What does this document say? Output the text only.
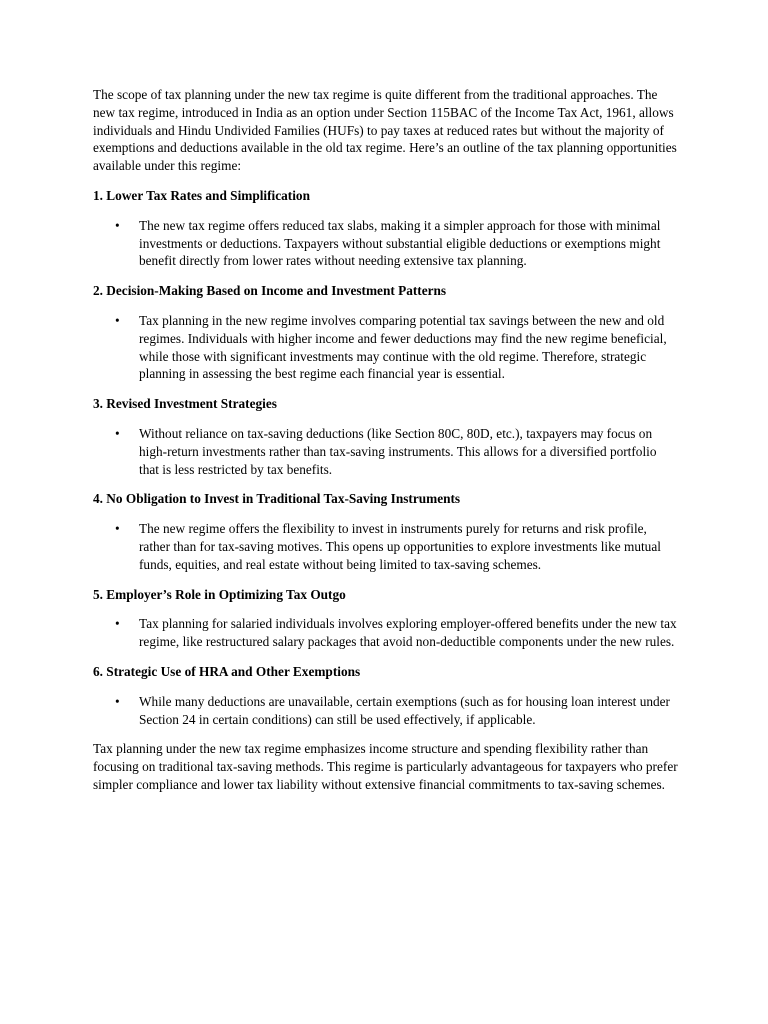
The scope of tax planning under the new tax regime is quite different from the traditional approaches. The new tax regime, introduced in India as an option under Section 115BAC of the Income Tax Act, 1961, allows individuals and Hindu Undivided Families (HUFs) to pay taxes at reduced rates but without the majority of exemptions and deductions available in the old tax regime. Here’s an outline of the tax planning opportunities available under this regime:

1. Lower Tax Rates and Simplification

• The new tax regime offers reduced tax slabs, making it a simpler approach for those with minimal investments or deductions. Taxpayers without substantial eligible deductions or exemptions might benefit directly from lower rates without needing extensive tax planning.

2. Decision-Making Based on Income and Investment Patterns

• Tax planning in the new regime involves comparing potential tax savings between the new and old regimes. Individuals with higher income and fewer deductions may find the new regime beneficial, while those with significant investments may continue with the old regime. Therefore, strategic planning in assessing the best regime each financial year is essential.

3. Revised Investment Strategies

• Without reliance on tax-saving deductions (like Section 80C, 80D, etc.), taxpayers may focus on high-return investments rather than tax-saving instruments. This allows for a diversified portfolio that is less restricted by tax benefits.

4. No Obligation to Invest in Traditional Tax-Saving Instruments

• The new regime offers the flexibility to invest in instruments purely for returns and risk profile, rather than for tax-saving motives. This opens up opportunities to explore investments like mutual funds, equities, and real estate without being limited to tax-saving schemes.

5. Employer’s Role in Optimizing Tax Outgo

• Tax planning for salaried individuals involves exploring employer-offered benefits under the new tax regime, like restructured salary packages that avoid non-deductible components under the new rules.

6. Strategic Use of HRA and Other Exemptions

• While many deductions are unavailable, certain exemptions (such as for housing loan interest under Section 24 in certain conditions) can still be used effectively, if applicable.

Tax planning under the new tax regime emphasizes income structure and spending flexibility rather than focusing on traditional tax-saving methods. This regime is particularly advantageous for taxpayers who prefer simpler compliance and lower tax liability without extensive financial commitments to tax-saving schemes.
